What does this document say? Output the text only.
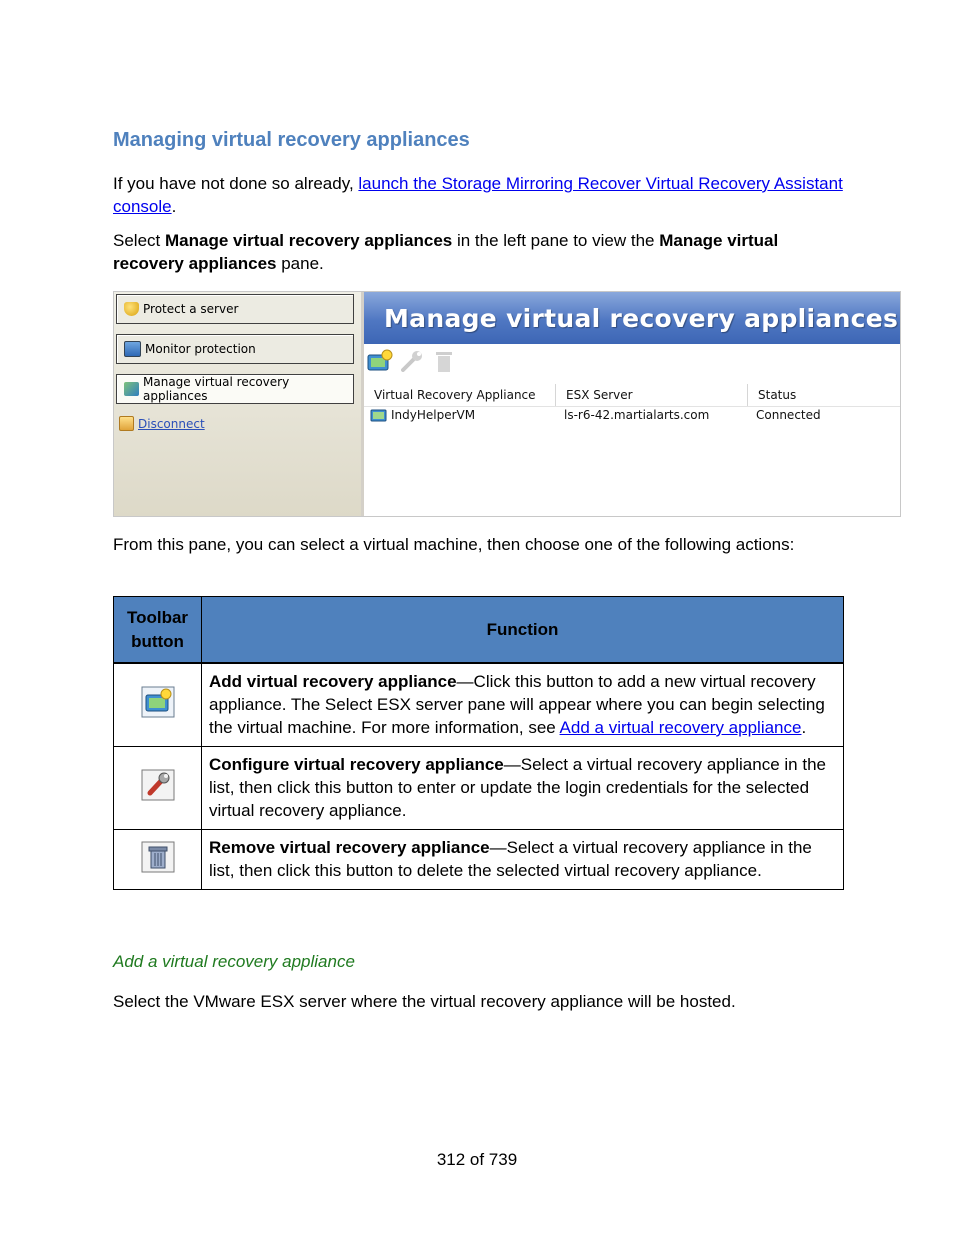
Managing virtual recovery appliances
If you have not done so already, launch the Storage Mirroring Recover Virtual Recovery Assistant console.
Select Manage virtual recovery appliances in the left pane to view the Manage virtual recovery appliances pane.
Protect a server
Monitor protection
Manage virtual recovery appliances
Disconnect
Manage virtual recovery appliances
Virtual Recovery Appliance	ESX Server	Status
IndyHelperVM	ls-r6-42.martialarts.com	Connected
From this pane, you can select a virtual machine, then choose one of the following actions:
Toolbar button	Function
	Add virtual recovery appliance—Click this button to add a new virtual recovery appliance. The Select ESX server pane will appear where you can begin selecting the virtual machine. For more information, see Add a virtual recovery appliance.
	Configure virtual recovery appliance—Select a virtual recovery appliance in the list, then click this button to enter or update the login credentials for the selected virtual recovery appliance.
	Remove virtual recovery appliance—Select a virtual recovery appliance in the list, then click this button to delete the selected virtual recovery appliance.
Add a virtual recovery appliance
Select the VMware ESX server where the virtual recovery appliance will be hosted.
312 of 739
